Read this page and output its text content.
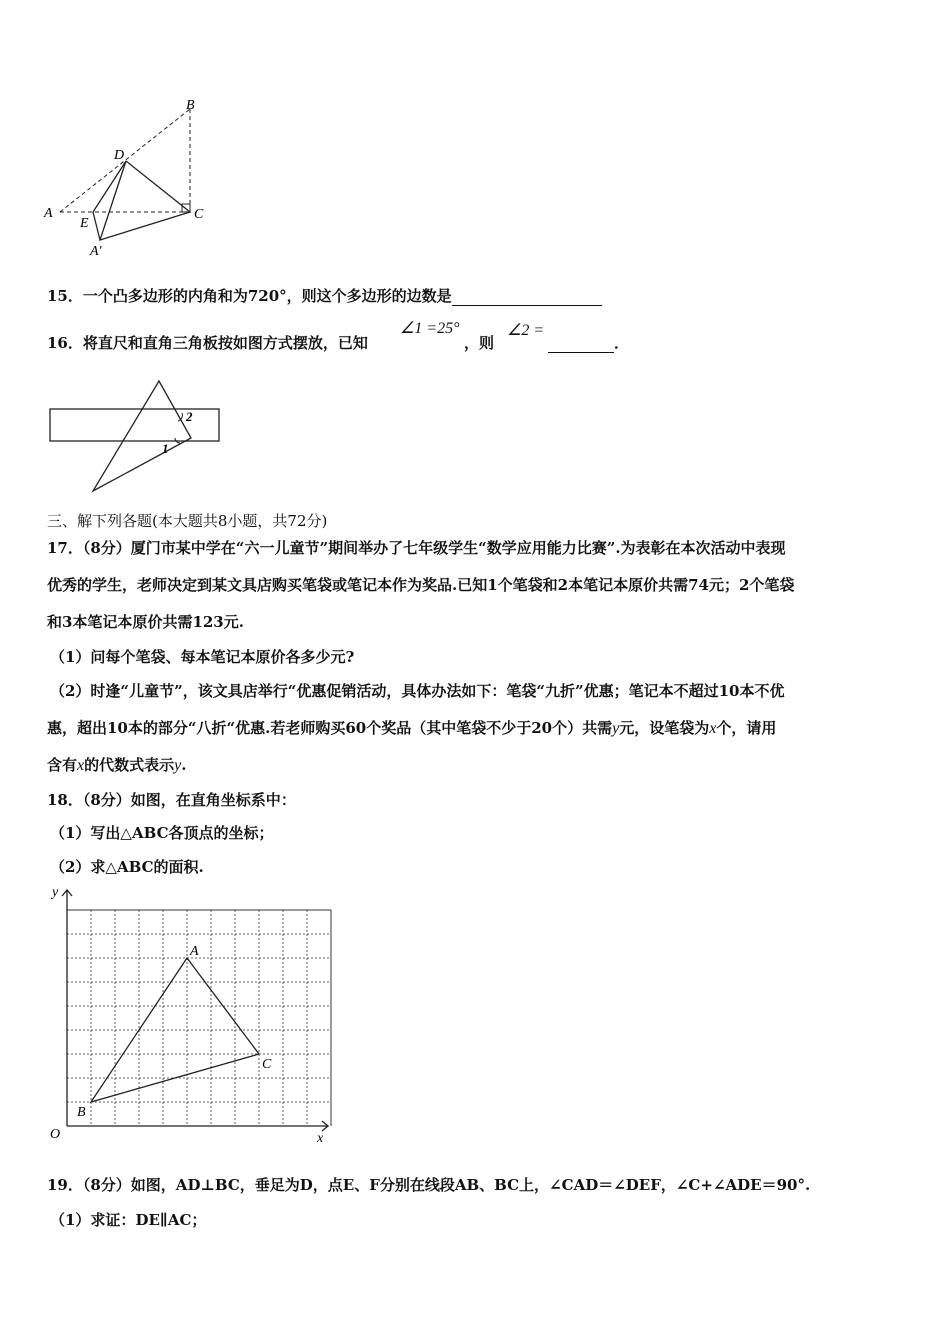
B
D
A
E
C
A′
15．一个凸多边形的内角和为720°，则这个多边形的边数是
16．将直尺和直角三角板按如图方式摆放，已知
∠1 =25°
，则
∠2 =
．
2
1
三、解下列各题(本大题共8小题，共72分)
17．（8分）厦门市某中学在“六一儿童节”期间举办了七年级学生“数学应用能力比赛”.为表彰在本次活动中表现
优秀的学生，老师决定到某文具店购买笔袋或笔记本作为奖品.已知1个笔袋和2本笔记本原价共需74元；2个笔袋
和3本笔记本原价共需123元.
（1）问每个笔袋、每本笔记本原价各多少元?
（2）时逢“儿童节”，该文具店举行“优惠促销活动，具体办法如下：笔袋“九折”优惠；笔记本不超过10本不优
惠，超出10本的部分“八折“优惠.若老师购买60个奖品（其中笔袋不少于20个）共需y元，设笔袋为x个，请用
含有x的代数式表示y.
18．（8分）如图，在直角坐标系中：
（1）写出△ABC各顶点的坐标；
（2）求△ABC的面积.
y
x
O
A
B
C
19．（8分）如图，AD⊥BC，垂足为D，点E、F分别在线段AB、BC上，∠CAD＝∠DEF，∠C+∠ADE＝90°.
（1）求证：DE∥AC；
